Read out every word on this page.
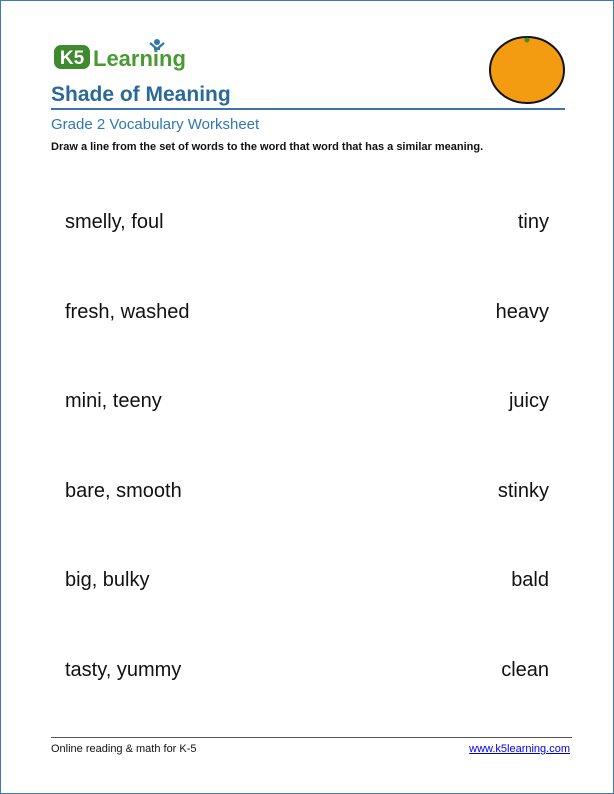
K5 Learning
Shade of Meaning
Grade 2 Vocabulary Worksheet
Draw a line from the set of words to the word that word that has a similar meaning.
smelly, foul	tiny
fresh, washed	heavy
mini, teeny	juicy
bare, smooth	stinky
big, bulky	bald
tasty, yummy	clean
Online reading & math for K-5	www.k5learning.com
